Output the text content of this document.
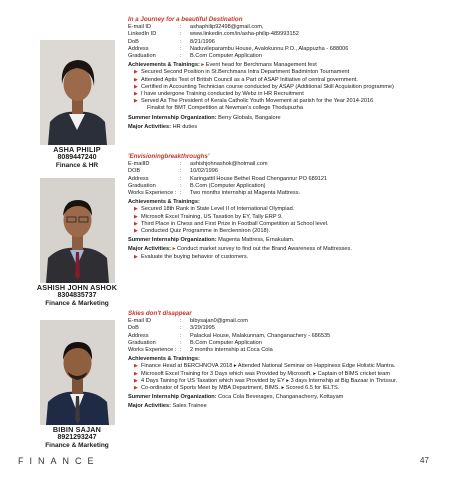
ASHA PHILIP
8089447240
Finance & HR
In a Journey for a beautiful Destination
E-mail ID	:	ashaphilip92498@gmail.com,
LinkedIn ID	:	www.linkedin.com/in/asha-philip-489993152
DoB	:	8/21/1996
Address	:	Naduvileparambu House, Avalokunnu P.O., Alappuzha - 688006
Graduation	:	B.Com Computer Application
Achievements & Trainings: ▸ Event head for Berchmans Management fest
▶ Secured Second Position in St.Berchmans Intra Department Badminton Tournament
▶ Attended Aptis Test of British Council as a Part of ASAP Initiative of central government.
▶ Certified in Accounting Technician course conducted by ASAP (Additional Skill Acquisition programme)
▶ I have undergone Training conducted by Webz in HR Recruitment
▶ Served As The President of Kerala Catholic Youth Movement at parish for the Year 2014-2016
Finalist for BMT Competition at Newman's college Thodupuzha
Summer Internship Organization: Berry Globals, Bangalore
Major Activities: HR duties
ASHISH JOHN ASHOK
8304835737
Finance & Marketing
'Envisioningbreakthroughs'
E-mailID	:	ashishjohnashok@hotmail.com
DOB	:	10/02/1996
Address	:	Karingattil House Bethel Road Chengannur PO 689121
Graduation	:	B.Com (Computer Application)
Works Experience : :	Two months internship at Magenta Mattress.
Achievements & Trainings:
▶ Secured 18th Rank in State Level II of International Olympiad.
▶ Microsoft Excel Training, US Taxation by EY, Tally ERP 9.
▶ Third Place in Chess and First Prize in Football Competition at School level.
▶ Conducted Quiz Programme in Berclenniron (2018).
Summer Internship Organization: Magenta Mattress, Ernakulam.
Major Activities: ▸ Conduct market survey to find out the Brand Awareness of Mattresses.
▶ Evaluate the buying behavior of customers.
BIBIN SAJAN
8921293247
Finance & Marketing
Skies don't disappear
E-mail ID	:	bibysajan0@gmail.com
DoB	:	3/29/1995
Address	:	Palackal House, Malakunnam, Changanachery - 686535
Graduation	:	B.Com Computer Application
Works Experience : :	2 months internship at Coca Cola
Achievements & Trainings:
▶ Finance Head at BERCHNOVA 2018 ▸ Attended National Seminar on Happiness Edge Holistic Mantra.
▶ Microsoft Excel Training for 3 Days which was Provided by Microsoft. ▸ Captain of BIMS cricket team
▶ 4 Days Taining for US Taxation which was Provided by EY ▸ 3 days Internship at Big Bazaar in Thrissur.
▶ Co-ordinator of Sports Meet by MBA Department, BIMS. ▸ Scored 6.5 for IELTS.
Summer Internship Organization: Coca Cola Beverages, Changanacherry, Kottayam
Major Activities: Sales Trainee
FINANCE	47
